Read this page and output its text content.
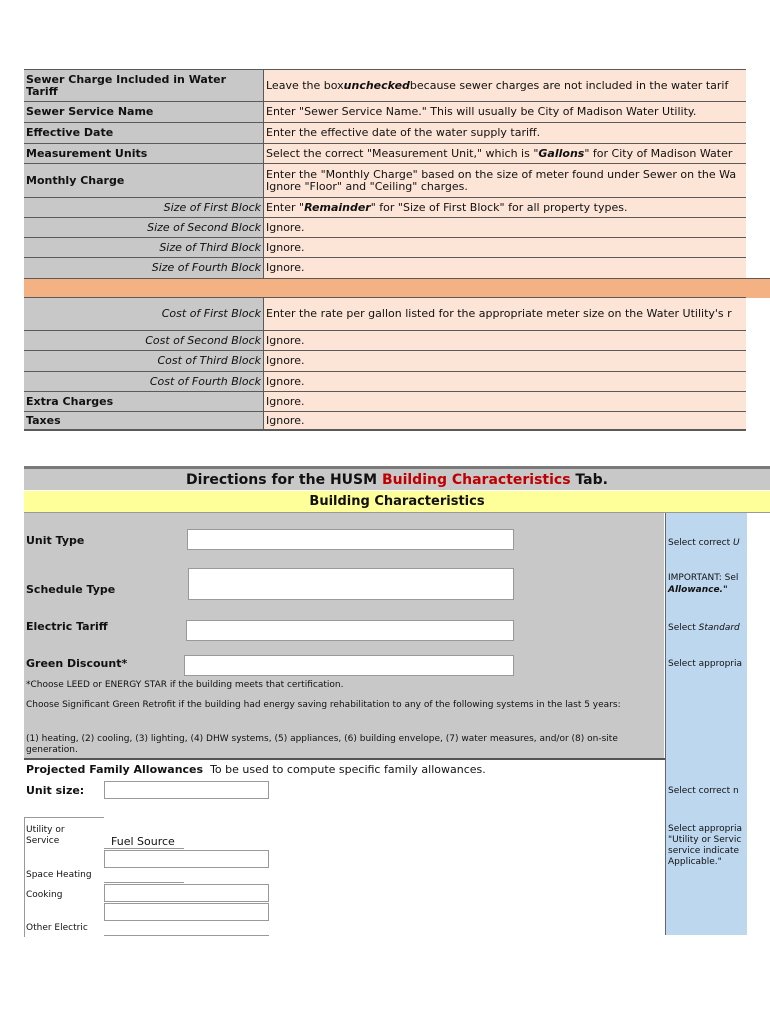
Sewer Charge Included in Water Tariff	Leave the box unchecked because sewer charges are not included in the water tarif
Sewer Service Name	Enter "Sewer Service Name." This will usually be City of Madison Water Utility.
Effective Date	Enter the effective date of the water supply tariff.
Measurement Units	Select the correct "Measurement Unit," which is " Gallons " for City of Madison Water
Monthly Charge	Enter the "Monthly Charge" based on the size of meter found under Sewer on the Wa Ignore "Floor" and "Ceiling" charges.
Size of First Block Enter " Remainder " for "Size of First Block" for all property types.
Size of Second Block Ignore.
Size of Third Block Ignore.
Size of Fourth Block Ignore.
Cost of First Block Enter the rate per gallon listed for the appropriate meter size on the Water Utility's r
Cost of Second Block Ignore.
Cost of Third Block Ignore.
Cost of Fourth Block Ignore.
Extra Charges	Ignore.
Taxes	Ignore.
Directions for the HUSM Building Characteristics Tab.
Building Characteristics
Unit Type
Schedule Type
Electric Tariff
Green Discount*
*Choose LEED or ENERGY STAR if the building meets that certification.
Choose Significant Green Retrofit if the building had energy saving rehabilitation to any of the following systems in the last 5 years:
(1) heating, (2) cooling, (3) lighting, (4) DHW systems, (5) appliances, (6) building envelope, (7) water measures, and/or (8) on-site generation.
Select correct U
IMPORTANT: Sel
Allowance."
Select Standard
Select appropria
Select correct n
Select appropria
"Utility or Servic
service indicate
Applicable."
Projected Family Allowances To be used to compute specific family allowances.
Unit size:
Utility or Service	Fuel Source
Space Heating
Cooking
Other Electric
